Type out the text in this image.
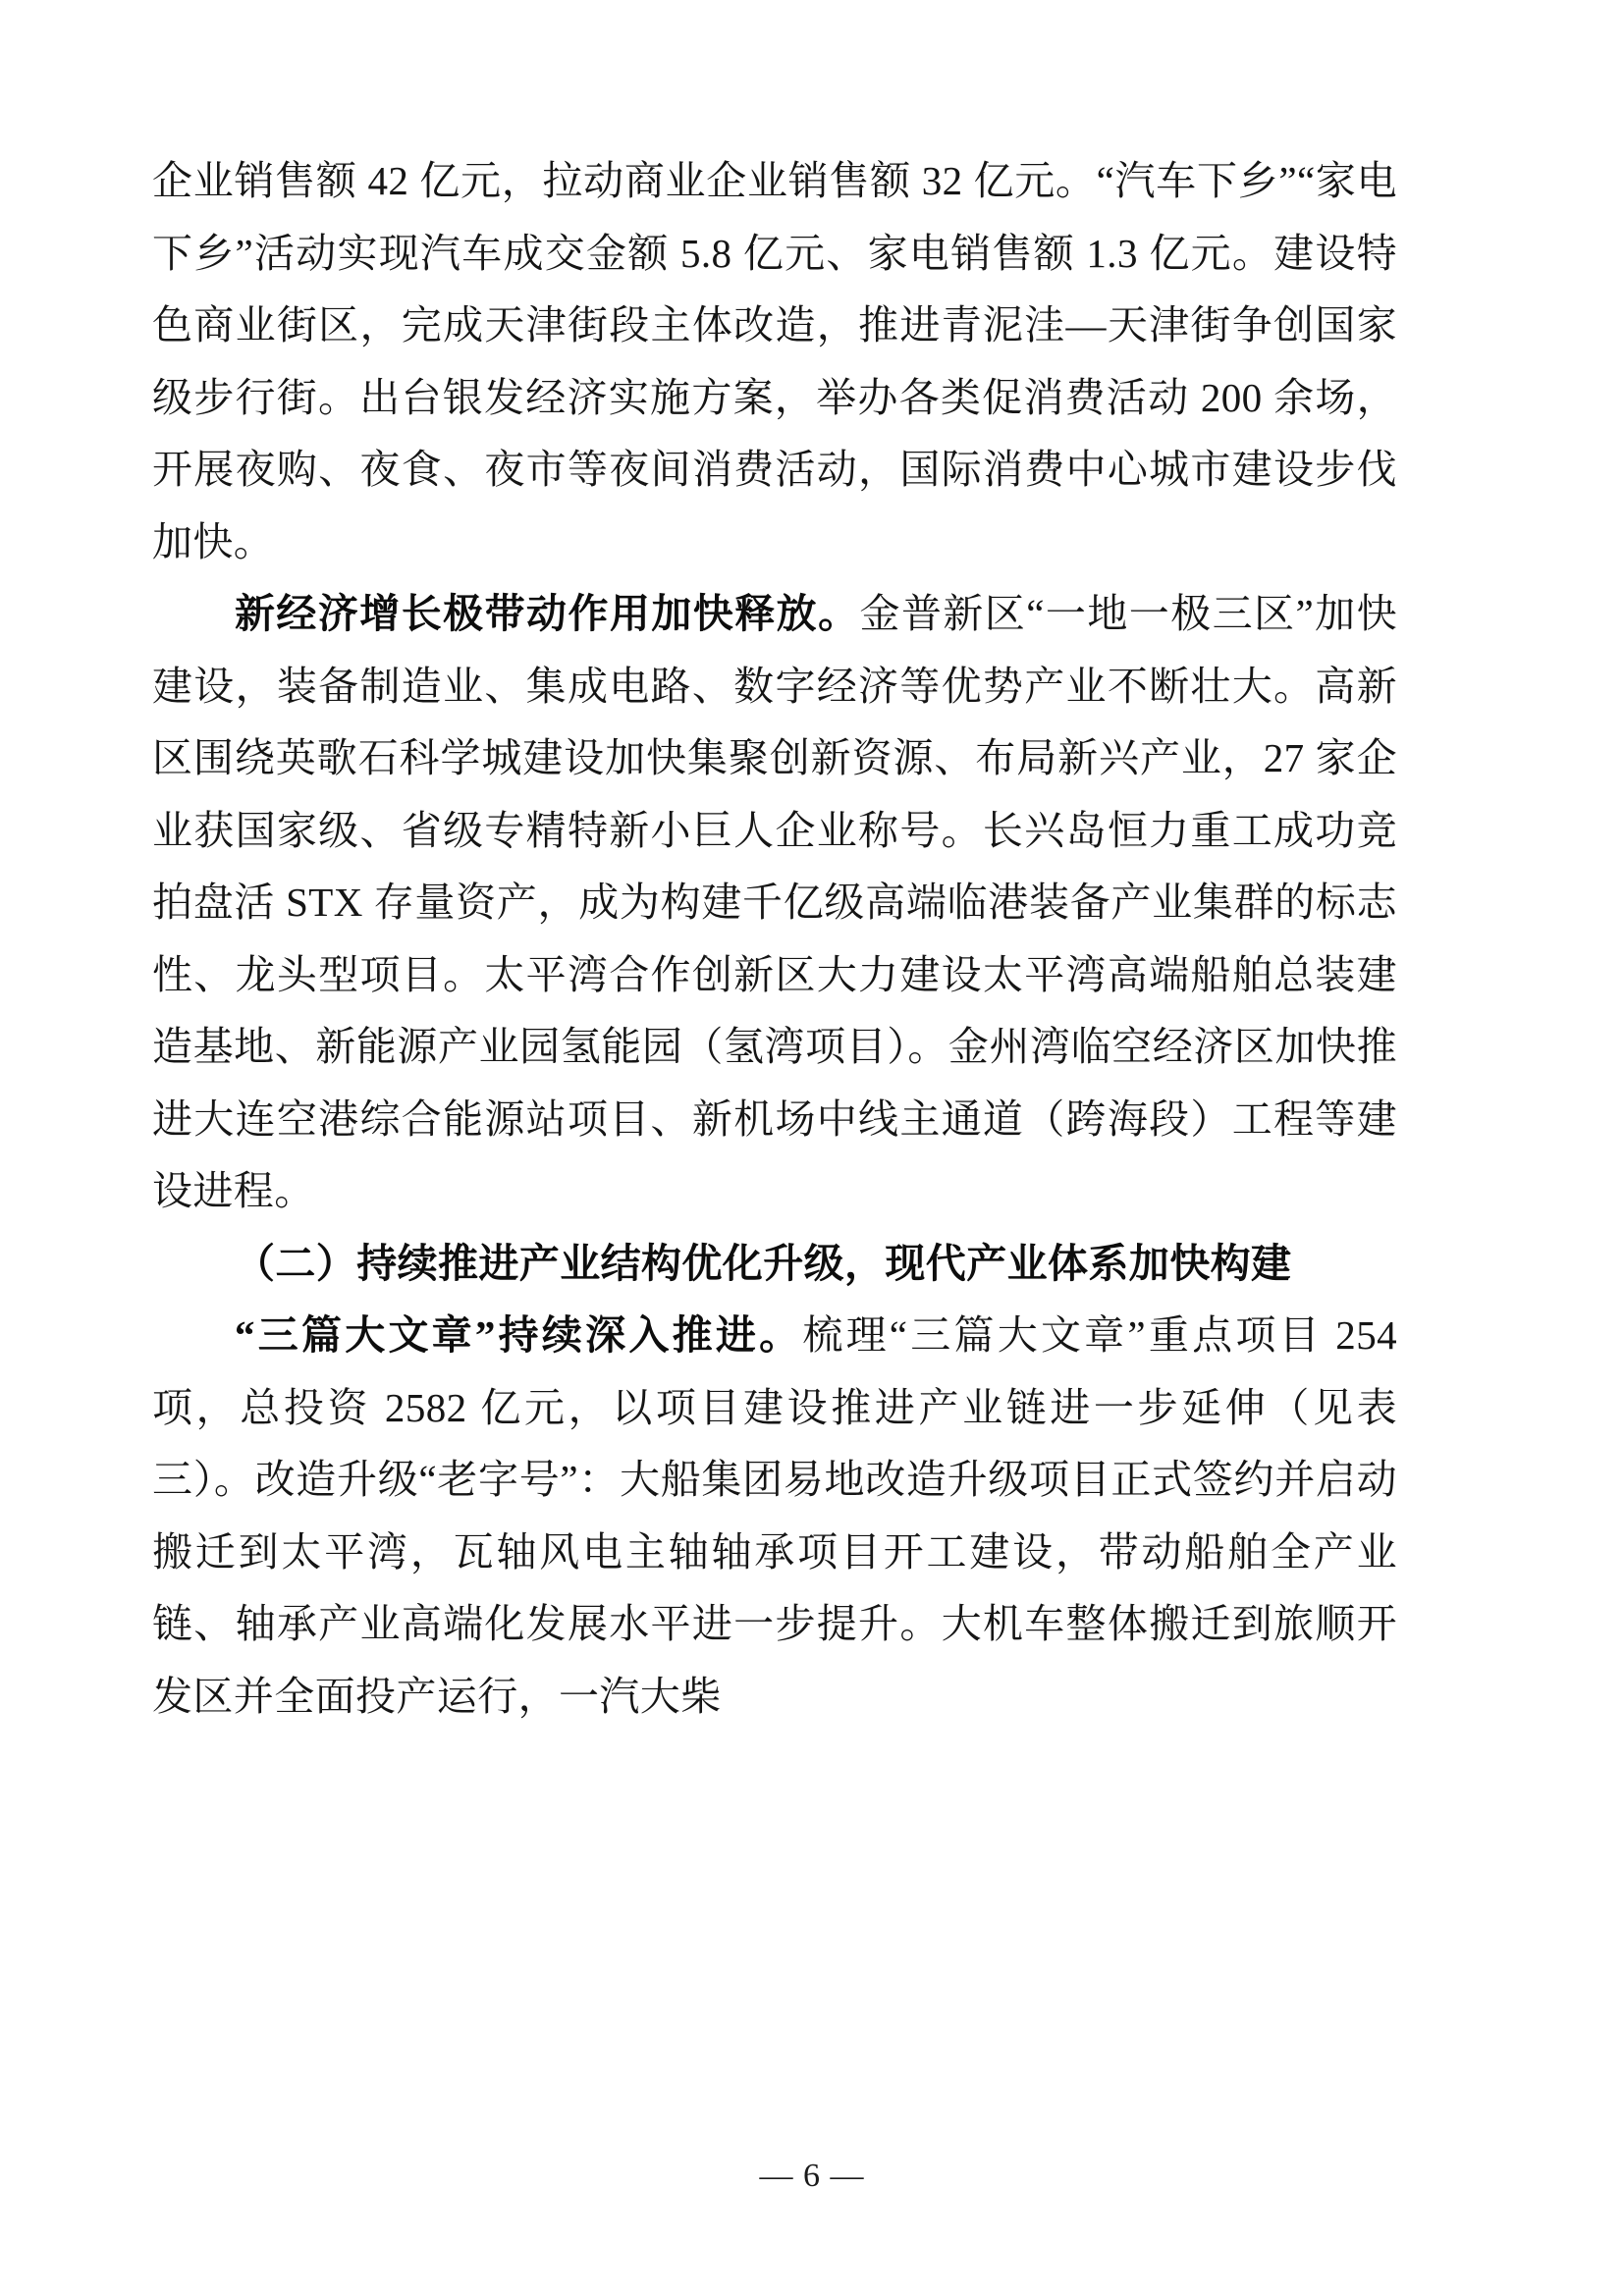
企业销售额 42 亿元，拉动商业企业销售额 32 亿元。“汽车下乡”“家电下乡”活动实现汽车成交金额 5.8 亿元、家电销售额 1.3 亿元。建设特色商业街区，完成天津街段主体改造，推进青泥洼—天津街争创国家级步行街。出台银发经济实施方案，举办各类促消费活动 200 余场，开展夜购、夜食、夜市等夜间消费活动，国际消费中心城市建设步伐加快。

新经济增长极带动作用加快释放。金普新区“一地一极三区”加快建设，装备制造业、集成电路、数字经济等优势产业不断壮大。高新区围绕英歌石科学城建设加快集聚创新资源、布局新兴产业，27 家企业获国家级、省级专精特新小巨人企业称号。长兴岛恒力重工成功竞拍盘活 STX 存量资产，成为构建千亿级高端临港装备产业集群的标志性、龙头型项目。太平湾合作创新区大力建设太平湾高端船舶总装建造基地、新能源产业园氢能园（氢湾项目）。金州湾临空经济区加快推进大连空港综合能源站项目、新机场中线主通道（跨海段）工程等建设进程。

（二）持续推进产业结构优化升级，现代产业体系加快构建

“三篇大文章”持续深入推进。梳理“三篇大文章”重点项目 254 项，总投资 2582 亿元，以项目建设推进产业链进一步延伸（见表三）。改造升级“老字号”：大船集团易地改造升级项目正式签约并启动搬迁到太平湾，瓦轴风电主轴轴承项目开工建设，带动船舶全产业链、轴承产业高端化发展水平进一步提升。大机车整体搬迁到旅顺开发区并全面投产运行，一汽大柴

— 6 —
